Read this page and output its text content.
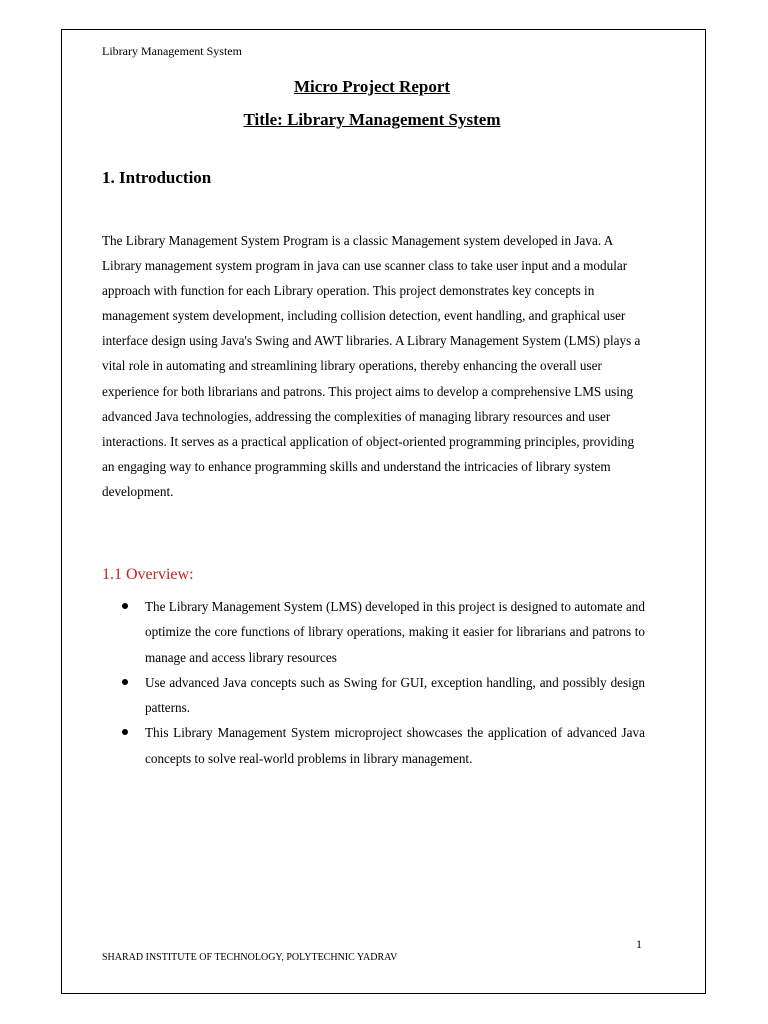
Library Management System
Micro Project Report
Title: Library Management System
1. Introduction

The Library Management System Program is a classic Management system developed in Java. A Library management system program in java can use scanner class to take user input and a modular approach with function for each Library operation. This project demonstrates key concepts in management system development, including collision detection, event handling, and graphical user interface design using Java's Swing and AWT libraries. A Library Management System (LMS) plays a vital role in automating and streamlining library operations, thereby enhancing the overall user experience for both librarians and patrons. This project aims to develop a comprehensive LMS using advanced Java technologies, addressing the complexities of managing library resources and user interactions. It serves as a practical application of object-oriented programming principles, providing an engaging way to enhance programming skills and understand the intricacies of library system development.

1.1 Overview:
The Library Management System (LMS) developed in this project is designed to automate and optimize the core functions of library operations, making it easier for librarians and patrons to manage and access library resources
Use advanced Java concepts such as Swing for GUI, exception handling, and possibly design patterns.
This Library Management System microproject showcases the application of advanced Java concepts to solve real-world problems in library management.
1
SHARAD INSTITUTE OF TECHNOLOGY, POLYTECHNIC YADRAV
